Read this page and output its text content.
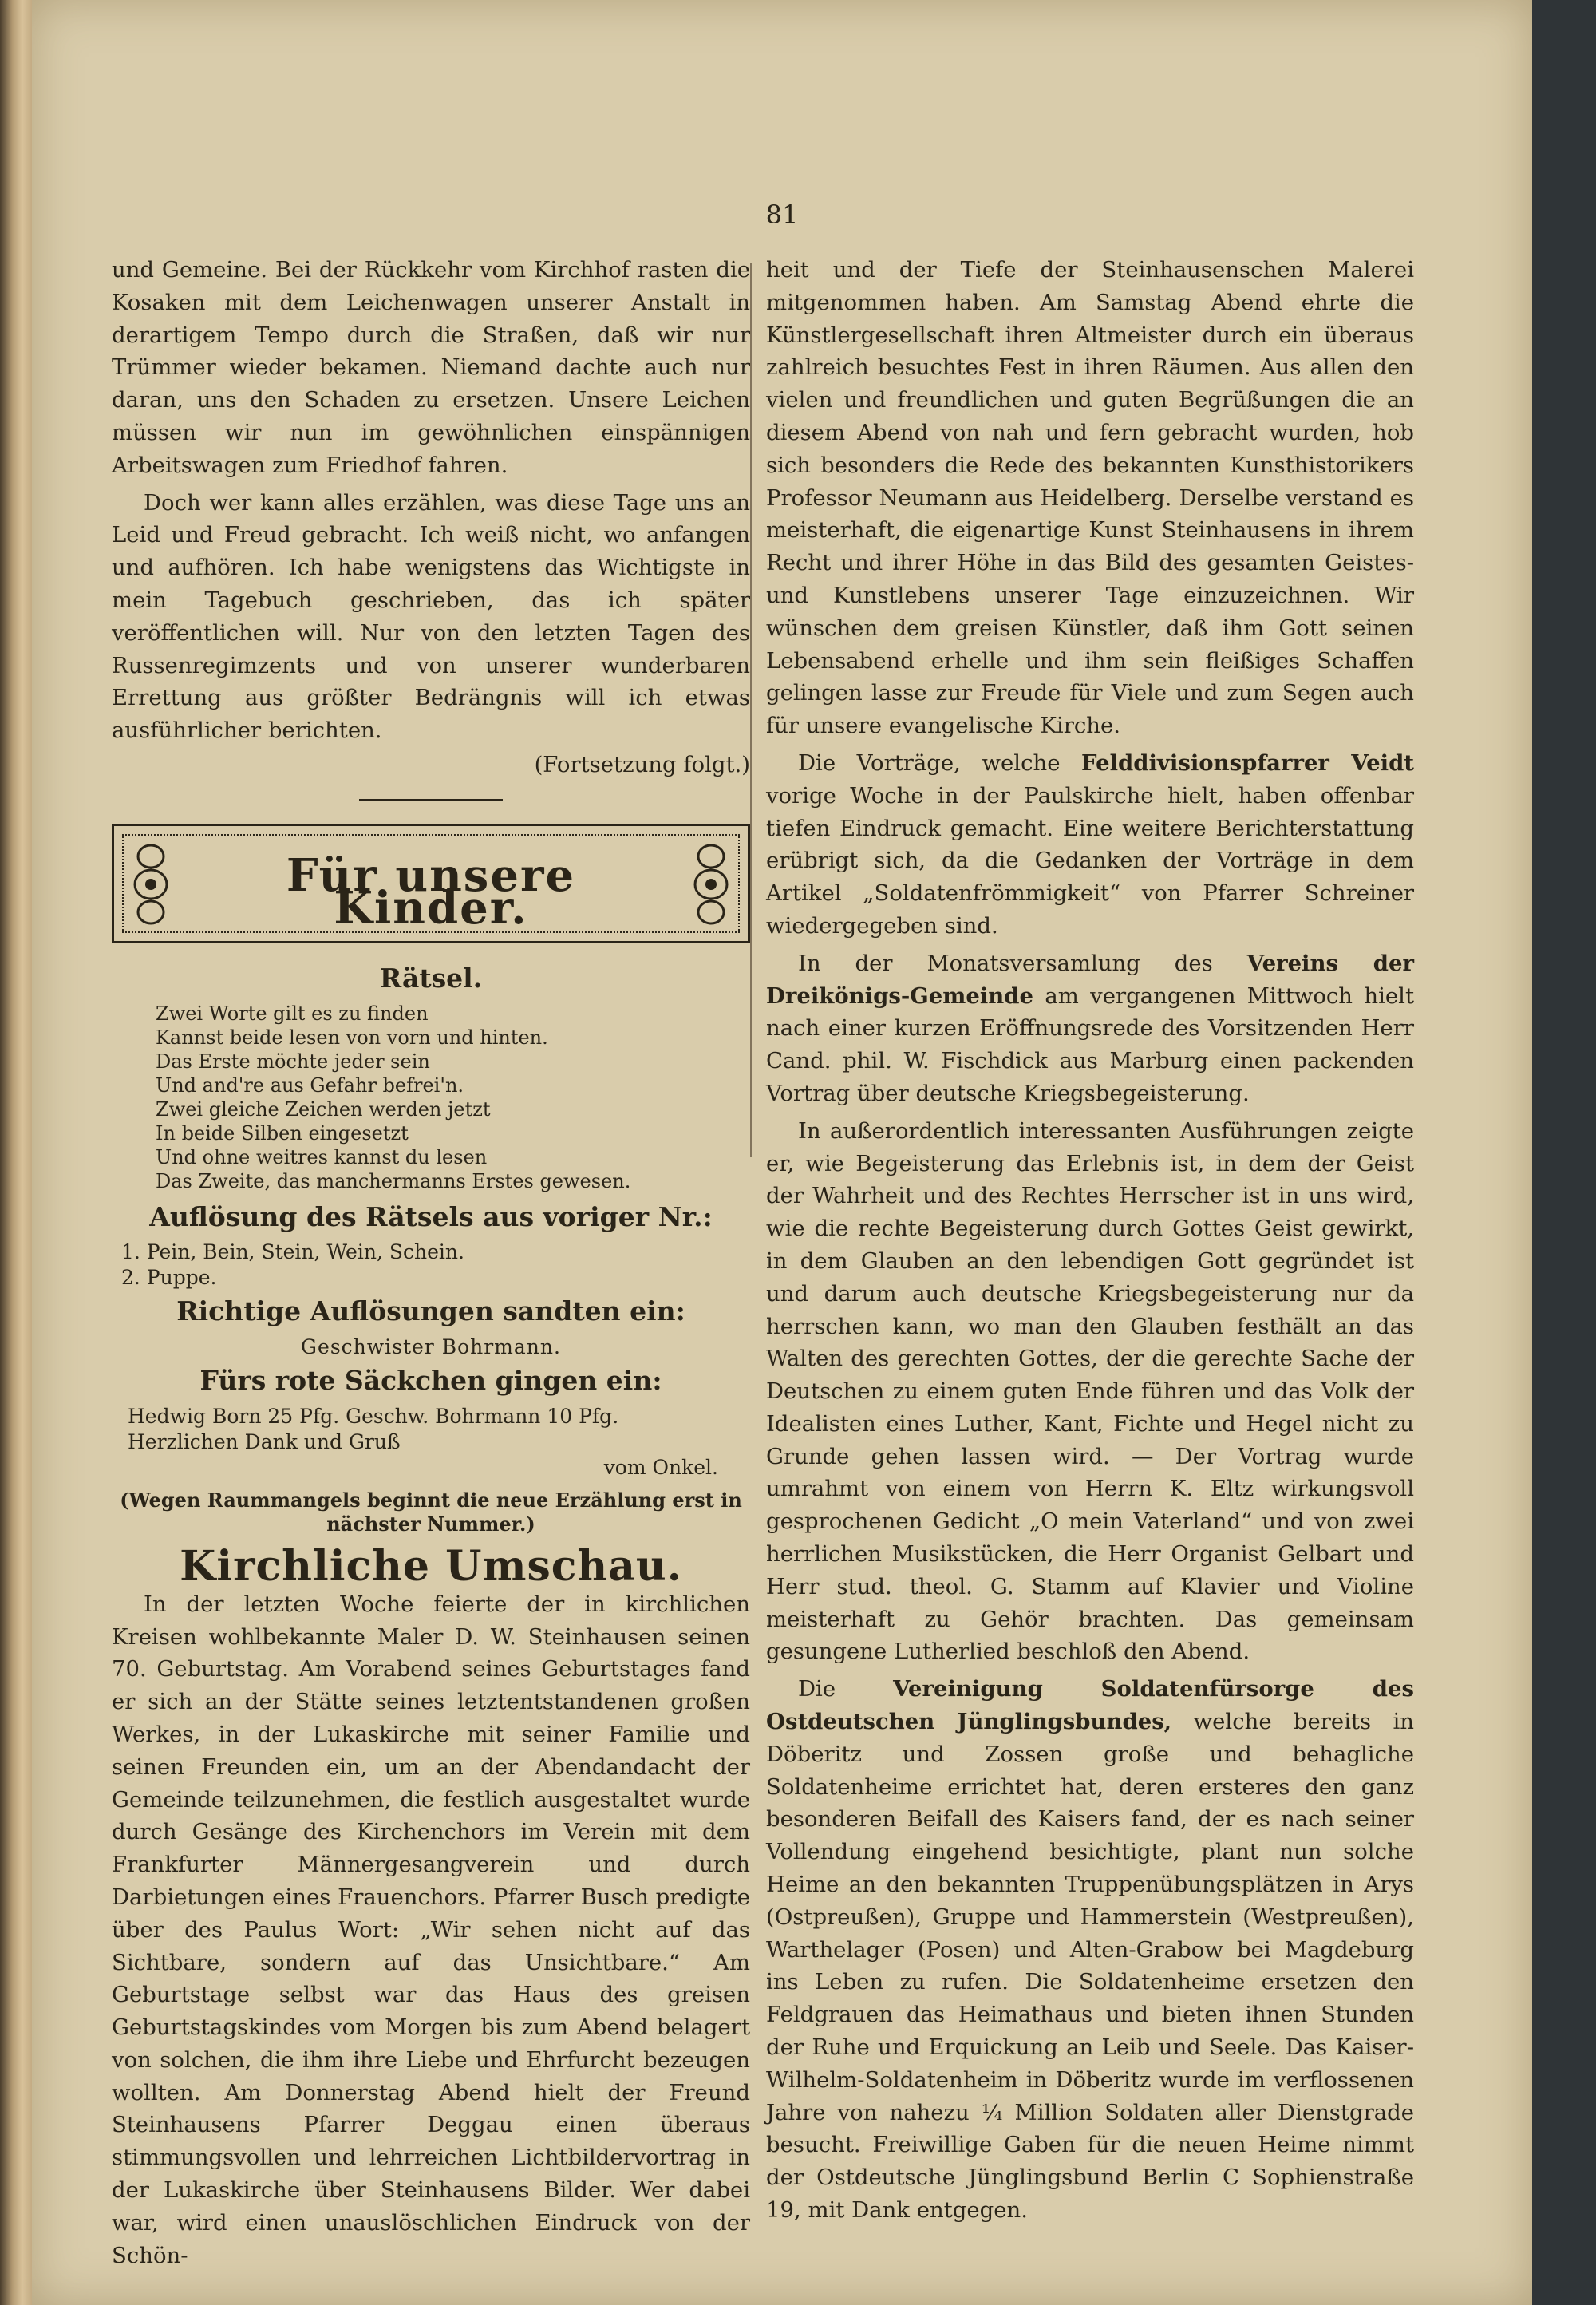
81

und Gemeine. Bei der Rückkehr vom Kirchhof rasten die Kosaken mit dem Leichenwagen unserer Anstalt in derartigem Tempo durch die Straßen, daß wir nur Trümmer wieder bekamen. Niemand dachte auch nur daran, uns den Schaden zu ersetzen. Unsere Leichen müssen wir nun im gewöhnlichen einspännigen Arbeitswagen zum Friedhof fahren.

Doch wer kann alles erzählen, was diese Tage uns an Leid und Freud gebracht. Ich weiß nicht, wo anfangen und aufhören. Ich habe wenigstens das Wichtigste in mein Tagebuch geschrieben, das ich später veröffentlichen will. Nur von den letzten Tagen des Russenregimzents und von unserer wunderbaren Errettung aus größter Bedrängnis will ich etwas ausführlicher berichten.

(Fortsetzung folgt.)

Für unsere Kinder.
Rätsel.
Zwei Worte gilt es zu finden
Kannst beide lesen von vorn und hinten.
Das Erste möchte jeder sein
Und and're aus Gefahr befrei'n.
Zwei gleiche Zeichen werden jetzt
In beide Silben eingesetzt
Und ohne weitres kannst du lesen
Das Zweite, das manchermanns Erstes gewesen.
Auflösung des Rätsels aus voriger Nr.:
1. Pein, Bein, Stein, Wein, Schein.
2. Puppe.
Richtige Auflösungen sandten ein:
Geschwister Bohrmann.
Fürs rote Säckchen gingen ein:
Hedwig Born 25 Pfg. Geschw. Bohrmann 10 Pfg.
Herzlichen Dank und Gruß
vom Onkel.
(Wegen Raummangels beginnt die neue Erzählung erst in nächster Nummer.)
Kirchliche Umschau.

In der letzten Woche feierte der in kirchlichen Kreisen wohlbekannte Maler D. W. Steinhausen seinen 70. Geburtstag. Am Vorabend seines Geburtstages fand er sich an der Stätte seines letztentstandenen großen Werkes, in der Lukaskirche mit seiner Familie und seinen Freunden ein, um an der Abendandacht der Gemeinde teilzunehmen, die festlich ausgestaltet wurde durch Gesänge des Kirchenchors im Verein mit dem Frankfurter Männergesangverein und durch Darbietungen eines Frauenchors. Pfarrer Busch predigte über des Paulus Wort: „Wir sehen nicht auf das Sichtbare, sondern auf das Unsichtbare.“ Am Geburtstage selbst war das Haus des greisen Geburtstagskindes vom Morgen bis zum Abend belagert von solchen, die ihm ihre Liebe und Ehrfurcht bezeugen wollten. Am Donnerstag Abend hielt der Freund Steinhausens Pfarrer Deggau einen überaus stimmungsvollen und lehrreichen Lichtbildervortrag in der Lukaskirche über Steinhausens Bilder. Wer dabei war, wird einen unauslöschlichen Eindruck von der Schön-

heit und der Tiefe der Steinhausenschen Malerei mitgenommen haben. Am Samstag Abend ehrte die Künstlergesellschaft ihren Altmeister durch ein überaus zahlreich besuchtes Fest in ihren Räumen. Aus allen den vielen und freundlichen und guten Begrüßungen die an diesem Abend von nah und fern gebracht wurden, hob sich besonders die Rede des bekannten Kunsthistorikers Professor Neumann aus Heidelberg. Derselbe verstand es meisterhaft, die eigenartige Kunst Steinhausens in ihrem Recht und ihrer Höhe in das Bild des gesamten Geistes- und Kunstlebens unserer Tage einzuzeichnen. Wir wünschen dem greisen Künstler, daß ihm Gott seinen Lebensabend erhelle und ihm sein fleißiges Schaffen gelingen lasse zur Freude für Viele und zum Segen auch für unsere evangelische Kirche.

Die Vorträge, welche Felddivisionspfarrer Veidt vorige Woche in der Paulskirche hielt, haben offenbar tiefen Eindruck gemacht. Eine weitere Berichterstattung erübrigt sich, da die Gedanken der Vorträge in dem Artikel „Soldatenfrömmigkeit“ von Pfarrer Schreiner wiedergegeben sind.

In der Monatsversamlung des Vereins der Dreikönigs-Gemeinde am vergangenen Mittwoch hielt nach einer kurzen Eröffnungsrede des Vorsitzenden Herr Cand. phil. W. Fischdick aus Marburg einen packenden Vortrag über deutsche Kriegsbegeisterung.

In außerordentlich interessanten Ausführungen zeigte er, wie Begeisterung das Erlebnis ist, in dem der Geist der Wahrheit und des Rechtes Herrscher ist in uns wird, wie die rechte Begeisterung durch Gottes Geist gewirkt, in dem Glauben an den lebendigen Gott gegründet ist und darum auch deutsche Kriegsbegeisterung nur da herrschen kann, wo man den Glauben festhält an das Walten des gerechten Gottes, der die gerechte Sache der Deutschen zu einem guten Ende führen und das Volk der Idealisten eines Luther, Kant, Fichte und Hegel nicht zu Grunde gehen lassen wird. — Der Vortrag wurde umrahmt von einem von Herrn K. Eltz wirkungsvoll gesprochenen Gedicht „O mein Vaterland“ und von zwei herrlichen Musikstücken, die Herr Organist Gelbart und Herr stud. theol. G. Stamm auf Klavier und Violine meisterhaft zu Gehör brachten. Das gemeinsam gesungene Lutherlied beschloß den Abend.

Die	Vereinigung Soldatenfürsorge des Ostdeutschen Jünglingsbundes, welche bereits in Döberitz und Zossen große und behagliche Soldatenheime errichtet hat, deren ersteres den ganz besonderen Beifall des Kaisers fand, der es nach seiner Vollendung eingehend besichtigte, plant nun solche Heime an den bekannten Truppenübungsplätzen in Arys (Ostpreußen), Gruppe und Hammerstein (Westpreußen), Warthelager (Posen) und Alten-Grabow bei Magdeburg ins Leben zu rufen. Die Soldatenheime ersetzen den Feldgrauen das Heimathaus und bieten ihnen Stunden der Ruhe und Erquickung an Leib und Seele. Das Kaiser-Wilhelm-Soldatenheim in Döberitz wurde im verflossenen Jahre von nahezu ¼ Million Soldaten aller Dienstgrade besucht. Freiwillige Gaben für die neuen Heime nimmt der Ostdeutsche Jünglingsbund Berlin C Sophienstraße 19, mit Dank entgegen.
